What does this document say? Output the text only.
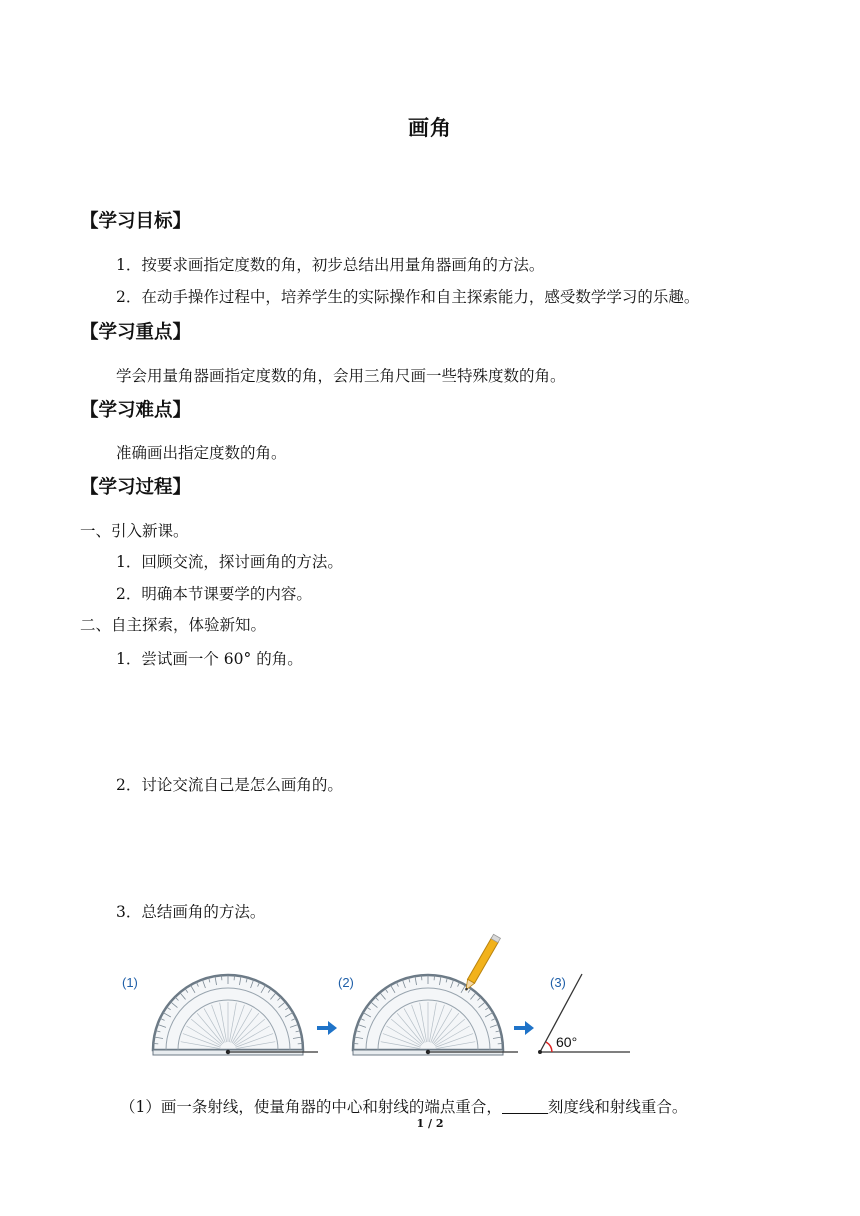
画角
【学习目标】
1．按要求画指定度数的角，初步总结出用量角器画角的方法。
2．在动手操作过程中，培养学生的实际操作和自主探索能力，感受数学学习的乐趣。
【学习重点】
学会用量角器画指定度数的角，会用三角尺画一些特殊度数的角。
【学习难点】
准确画出指定度数的角。
【学习过程】
一、引入新课。
1．回顾交流，探讨画角的方法。
2．明确本节课要学的内容。
二、自主探索，体验新知。
1．尝试画一个 60° 的角。
2．讨论交流自己是怎么画角的。
3．总结画角的方法。
(1)	(2)	(3)
60°
（1）画一条射线，使量角器的中心和射线的端点重合，	刻度线和射线重合。
1 / 2
